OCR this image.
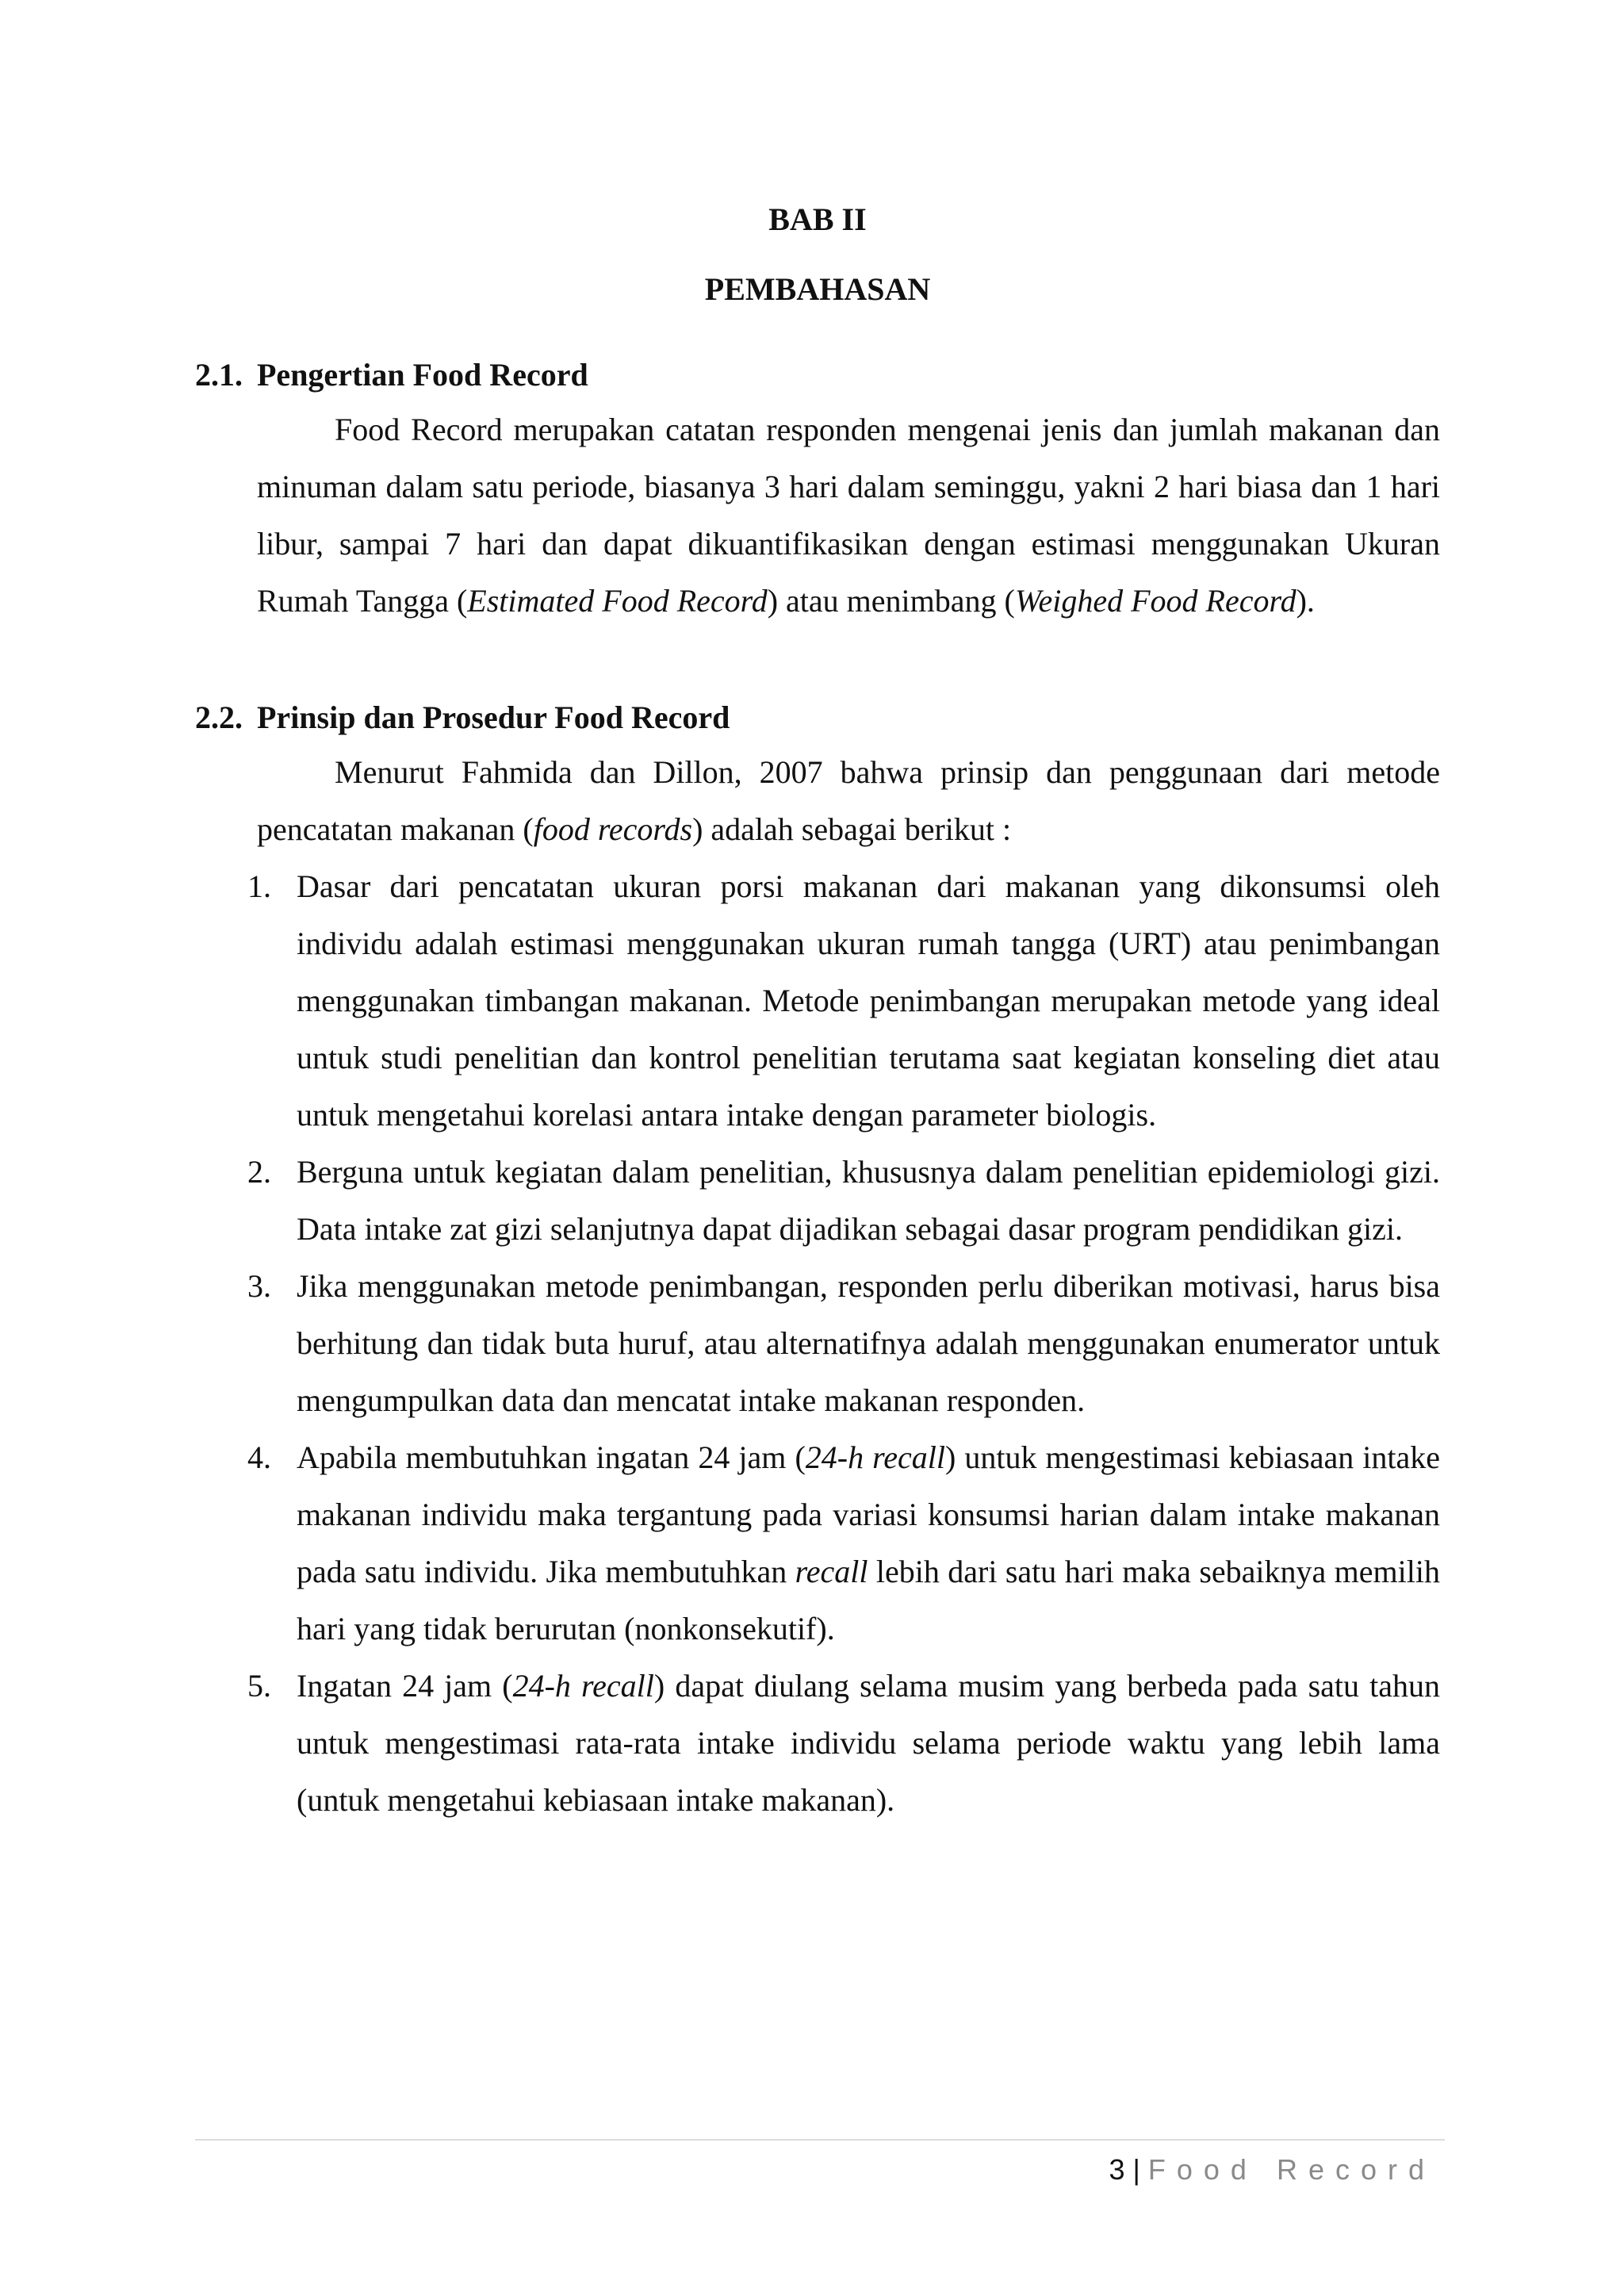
BAB II
PEMBAHASAN
2.1. Pengertian Food Record

Food Record merupakan catatan responden mengenai jenis dan jumlah makanan dan minuman dalam satu periode, biasanya 3 hari dalam seminggu, yakni 2 hari biasa dan 1 hari libur, sampai 7 hari dan dapat dikuantifikasikan dengan estimasi menggunakan Ukuran Rumah Tangga (Estimated Food Record) atau menimbang (Weighed Food Record).

2.2. Prinsip dan Prosedur Food Record

Menurut Fahmida dan Dillon, 2007 bahwa prinsip dan penggunaan dari metode pencatatan makanan (food records) adalah sebagai berikut :

1. Dasar dari pencatatan ukuran porsi makanan dari makanan yang dikonsumsi oleh individu adalah estimasi menggunakan ukuran rumah tangga (URT) atau penimbangan menggunakan timbangan makanan. Metode penimbangan merupakan metode yang ideal untuk studi penelitian dan kontrol penelitian terutama saat kegiatan konseling diet atau untuk mengetahui korelasi antara intake dengan parameter biologis.
2. Berguna untuk kegiatan dalam penelitian, khususnya dalam penelitian epidemiologi gizi. Data intake zat gizi selanjutnya dapat dijadikan sebagai dasar program pendidikan gizi.
3. Jika menggunakan metode penimbangan, responden perlu diberikan motivasi, harus bisa berhitung dan tidak buta huruf, atau alternatifnya adalah menggunakan enumerator untuk mengumpulkan data dan mencatat intake makanan responden.
4. Apabila membutuhkan ingatan 24 jam (24-h recall) untuk mengestimasi kebiasaan intake makanan individu maka tergantung pada variasi konsumsi harian dalam intake makanan pada satu individu. Jika membutuhkan recall lebih dari satu hari maka sebaiknya memilih hari yang tidak berurutan (nonkonsekutif).
5. Ingatan 24 jam (24-h recall) dapat diulang selama musim yang berbeda pada satu tahun untuk mengestimasi rata-rata intake individu selama periode waktu yang lebih lama (untuk mengetahui kebiasaan intake makanan).
3 | Food Record
